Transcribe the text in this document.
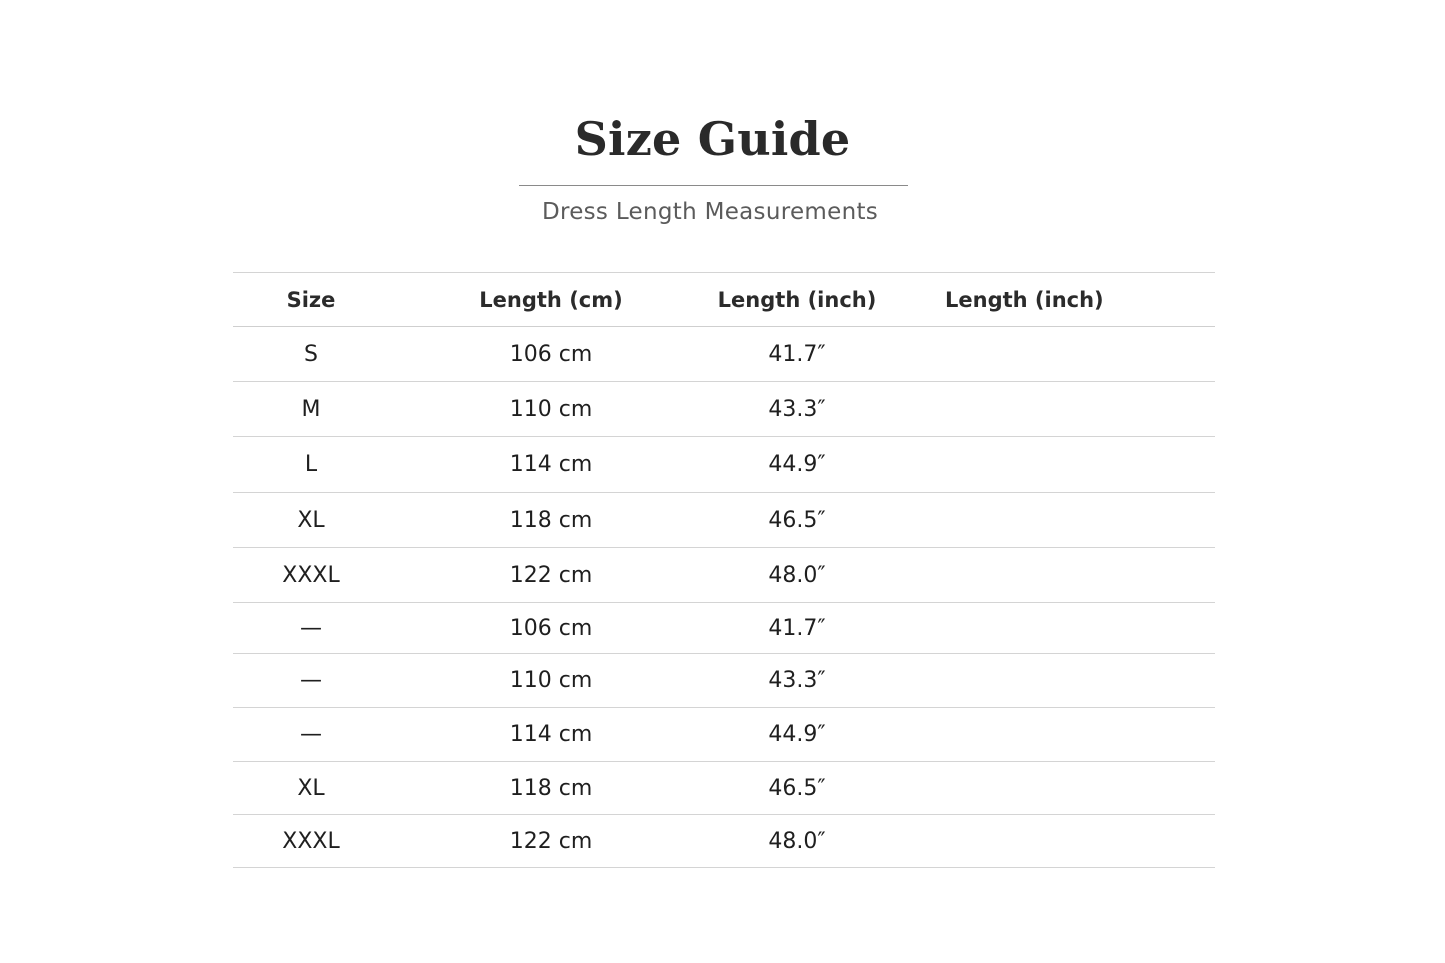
Size Guide
Dress Length Measurements
Size	Length (cm)	Length (inch)	Length (inch)
S	106 cm	41.7″	
M	110 cm	43.3″	
L	114 cm	44.9″	
XL	118 cm	46.5″	
XXXL	122 cm	48.0″	
—	106 cm	41.7″	
—	110 cm	43.3″	
—	114 cm	44.9″	
XL	118 cm	46.5″	
XXXL	122 cm	48.0″	
